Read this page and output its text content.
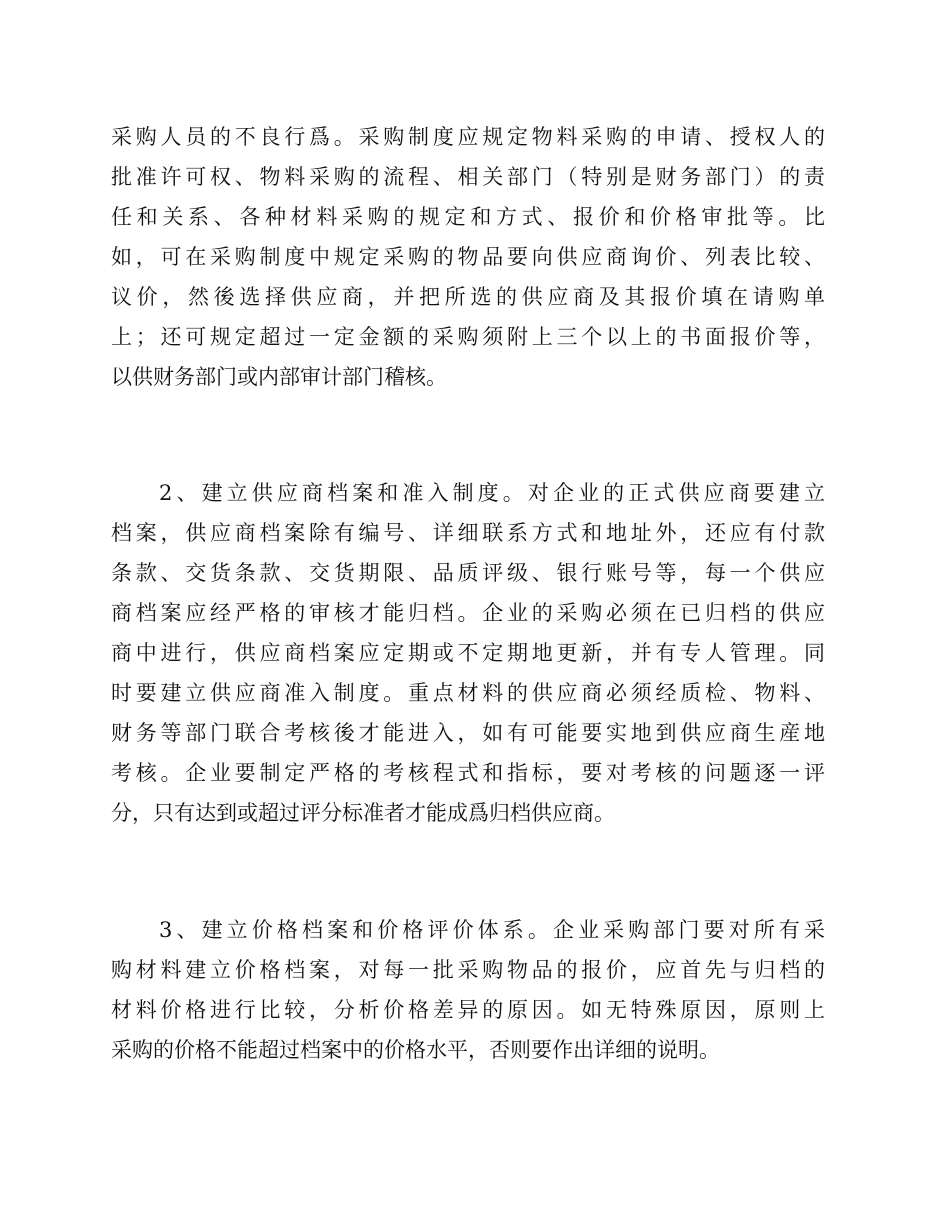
采购人员的不良行爲。采购制度应规定物料采购的申请、授权人的
批准许可权、物料采购的流程、相关部门（特别是财务部门）的责
任和关系、各种材料采购的规定和方式、报价和价格审批等。比
如，可在采购制度中规定采购的物品要向供应商询价、列表比较、
议价，然後选择供应商，并把所选的供应商及其报价填在请购单
上；还可规定超过一定金额的采购须附上三个以上的书面报价等，
以供财务部门或内部审计部门稽核。
2、建立供应商档案和准入制度。对企业的正式供应商要建立
档案，供应商档案除有编号、详细联系方式和地址外，还应有付款
条款、交货条款、交货期限、品质评级、银行账号等，每一个供应
商档案应经严格的审核才能归档。企业的采购必须在已归档的供应
商中进行，供应商档案应定期或不定期地更新，并有专人管理。同
时要建立供应商准入制度。重点材料的供应商必须经质检、物料、
财务等部门联合考核後才能进入，如有可能要实地到供应商生産地
考核。企业要制定严格的考核程式和指标，要对考核的问题逐一评
分，只有达到或超过评分标准者才能成爲归档供应商。
3、建立价格档案和价格评价体系。企业采购部门要对所有采
购材料建立价格档案，对每一批采购物品的报价，应首先与归档的
材料价格进行比较，分析价格差异的原因。如无特殊原因，原则上
采购的价格不能超过档案中的价格水平，否则要作出详细的说明。
